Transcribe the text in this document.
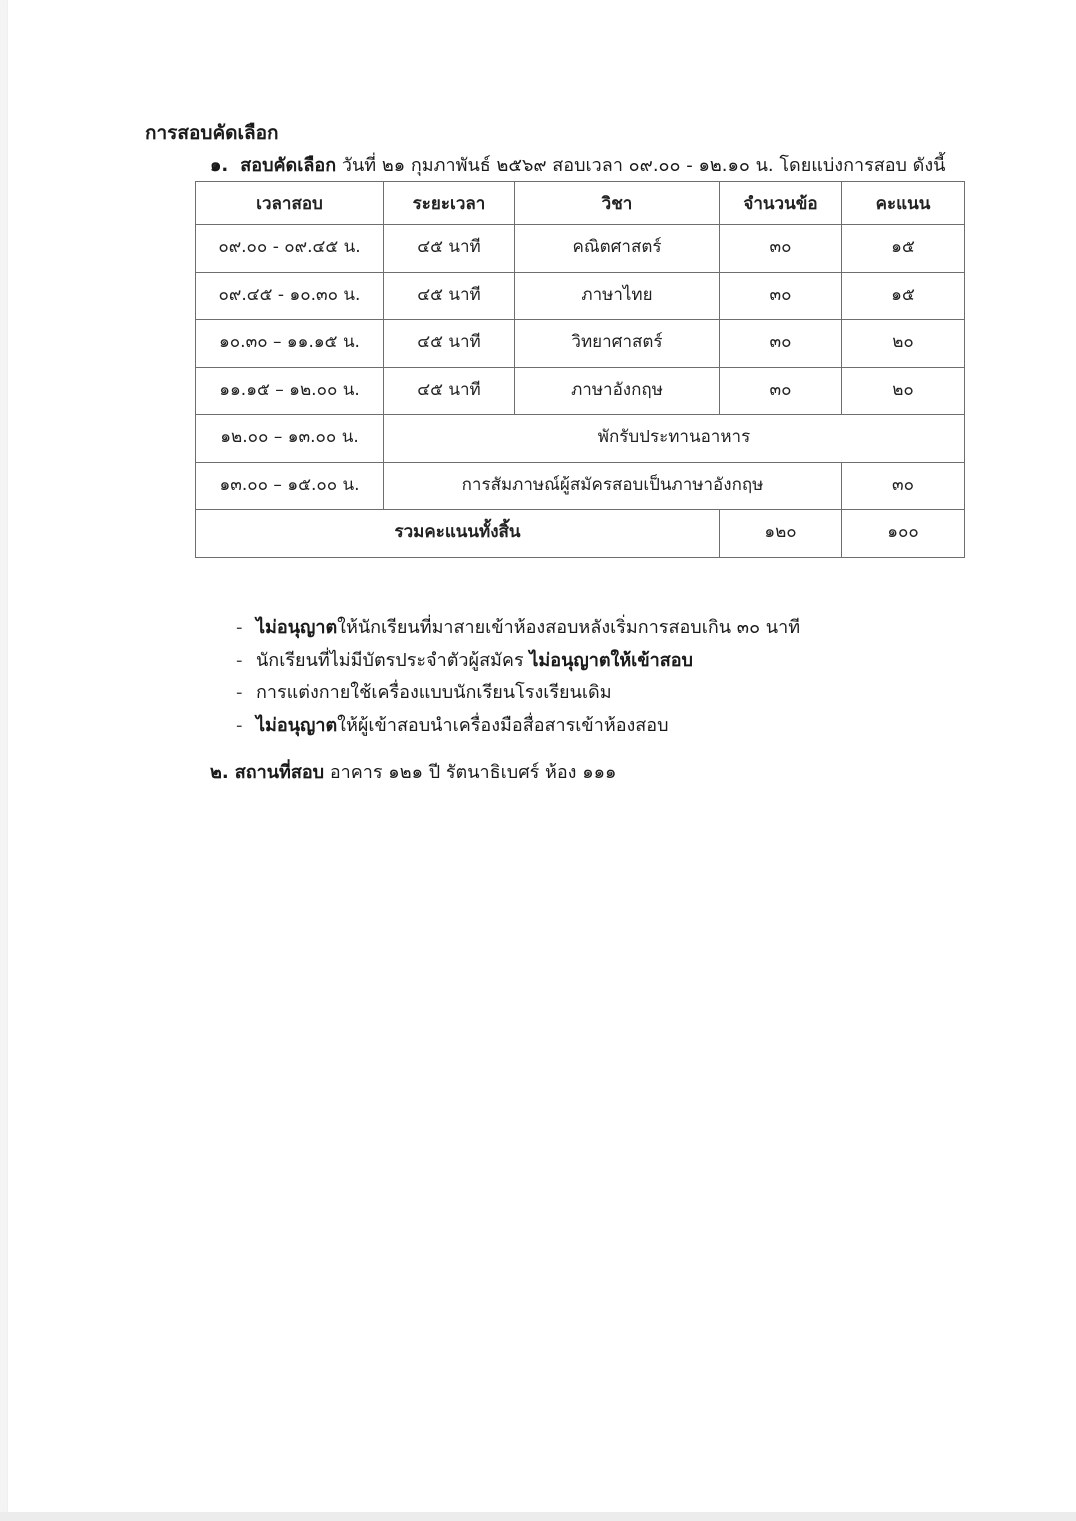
การสอบคัดเลือก
๑. สอบคัดเลือก วันที่ ๒๑ กุมภาพันธ์ ๒๕๖๙ สอบเวลา ๐๙.๐๐ - ๑๒.๑๐ น. โดยแบ่งการสอบ ดังนี้
เวลาสอบ	ระยะเวลา	วิชา	จำนวนข้อ	คะแนน
๐๙.๐๐ - ๐๙.๔๕ น.	๔๕ นาที	คณิตศาสตร์	๓๐	๑๕
๐๙.๔๕ - ๑๐.๓๐ น.	๔๕ นาที	ภาษาไทย	๓๐	๑๕
๑๐.๓๐ – ๑๑.๑๕ น.	๔๕ นาที	วิทยาศาสตร์	๓๐	๒๐
๑๑.๑๕ – ๑๒.๐๐ น.	๔๕ นาที	ภาษาอังกฤษ	๓๐	๒๐
๑๒.๐๐ – ๑๓.๐๐ น.	พักรับประทานอาหาร			
๑๓.๐๐ – ๑๕.๐๐ น.	การสัมภาษณ์ผู้สมัครสอบเป็นภาษาอังกฤษ			๓๐
รวมคะแนนทั้งสิ้น			๑๒๐	๑๐๐
- ไม่อนุญาตให้นักเรียนที่มาสายเข้าห้องสอบหลังเริ่มการสอบเกิน ๓๐ นาที
- นักเรียนที่ไม่มีบัตรประจำตัวผู้สมัคร ไม่อนุญาตให้เข้าสอบ
- การแต่งกายใช้เครื่องแบบนักเรียนโรงเรียนเดิม
- ไม่อนุญาตให้ผู้เข้าสอบนำเครื่องมือสื่อสารเข้าห้องสอบ
๒. สถานที่สอบ อาคาร ๑๒๑ ปี รัตนาธิเบศร์ ห้อง ๑๑๑
